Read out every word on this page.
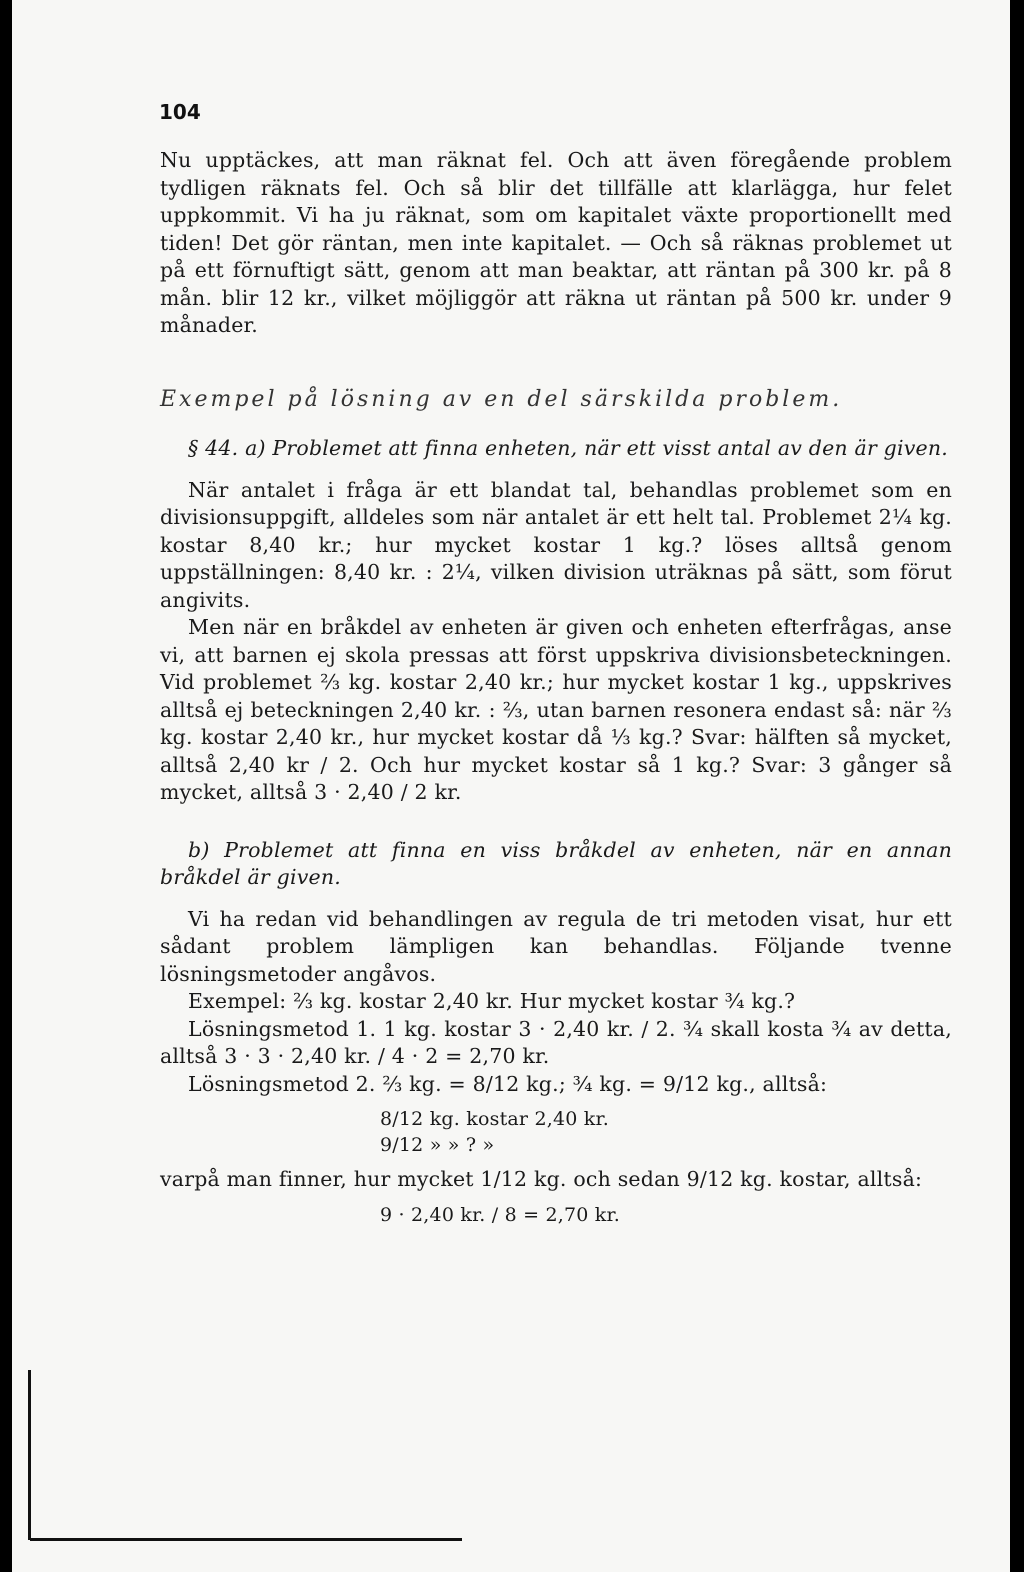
104

Nu upptäckes, att man räknat fel. Och att även föregående problem tydligen räknats fel. Och så blir det tillfälle att klarlägga, hur felet uppkommit. Vi ha ju räknat, som om kapitalet växte proportionellt med tiden! Det gör räntan, men inte kapitalet. — Och så räknas problemet ut på ett förnuftigt sätt, genom att man beaktar, att räntan på 300 kr. på 8 mån. blir 12 kr., vilket möjliggör att räkna ut räntan på 500 kr. under 9 månader.

Exempel på lösning av en del särskilda problem.

§ 44. a) Problemet att finna enheten, när ett visst antal av den är given.

När antalet i fråga är ett blandat tal, behandlas problemet som en divisionsuppgift, alldeles som när antalet är ett helt tal. Problemet 2¼ kg. kostar 8,40 kr.; hur mycket kostar 1 kg.? löses alltså genom uppställningen: 8,40 kr. : 2¼, vilken division uträknas på sätt, som förut angivits.

Men när en bråkdel av enheten är given och enheten efterfrågas, anse vi, att barnen ej skola pressas att först uppskriva divisionsbeteckningen. Vid problemet ⅔ kg. kostar 2,40 kr.; hur mycket kostar 1 kg., uppskrives alltså ej beteckningen 2,40 kr. : ⅔, utan barnen resonera endast så: när ⅔ kg. kostar 2,40 kr., hur mycket kostar då ⅓ kg.? Svar: hälften så mycket, alltså 2,40 kr / 2. Och hur mycket kostar så 1 kg.? Svar: 3 gånger så mycket, alltså 3 · 2,40 / 2 kr.

b) Problemet att finna en viss bråkdel av enheten, när en annan bråkdel är given.

Vi ha redan vid behandlingen av regula de tri metoden visat, hur ett sådant problem lämpligen kan behandlas. Följande tvenne lösningsmetoder angåvos.

Exempel: ⅔ kg. kostar 2,40 kr. Hur mycket kostar ¾ kg.?

Lösningsmetod 1. 1 kg. kostar 3 · 2,40 kr. / 2. ¾ skall kosta ¾ av detta, alltså 3 · 3 · 2,40 kr. / 4 · 2 = 2,70 kr.

Lösningsmetod 2. ⅔ kg. = 8/12 kg.; ¾ kg. = 9/12 kg., alltså:

8/12 kg. kostar 2,40 kr.
9/12 » » ? »

varpå man finner, hur mycket 1/12 kg. och sedan 9/12 kg. kostar, alltså:

9 · 2,40 kr. / 8 = 2,70 kr.
